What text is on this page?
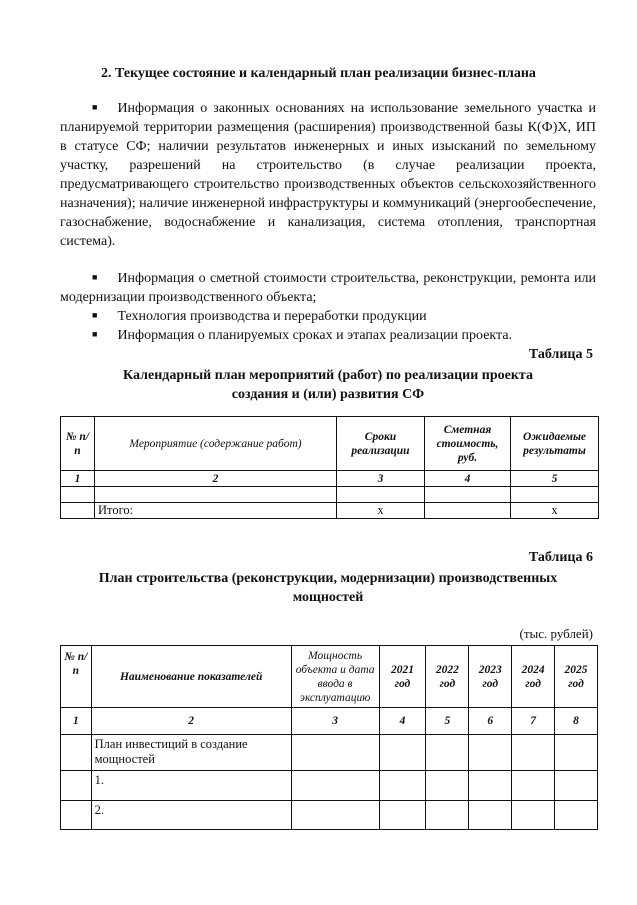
2. Текущее состояние и календарный план реализации бизнес-плана
■ Информация о законных основаниях на использование земельного участка и планируемой территории размещения (расширения) производственной базы К(Ф)Х, ИП в статусе СФ; наличии результатов инженерных и иных изысканий по земельному участку, разрешений на строительство (в случае реализации проекта, предусматривающего строительство производственных объектов сельскохозяйственного назначения); наличие инженерной инфраструктуры и коммуникаций (энергообеспечение, газоснабжение, водоснабжение и канализация, система отопления, транспортная система).
■ Информация о сметной стоимости строительства, реконструкции, ремонта или модернизации производственного объекта;
■ Технология производства и переработки продукции
■ Информация о планируемых сроках и этапах реализации проекта.
Таблица 5
Календарный план мероприятий (работ) по реализации проекта создания и (или) развития СФ
№ п/п	Мероприятие (содержание работ)	Сроки реализации	Сметная стоимость, руб.	Ожидаемые результаты
1	2	3	4	5

	Итого:	х		х
Таблица 6
План строительства (реконструкции, модернизации) производственных мощностей
(тыс. рублей)
№ п/п	Наименование показателей	Мощность объекта и дата ввода в эксплуатацию	2021 год	2022 год	2023 год	2024 год	2025 год
1	2	3	4	5	6	7	8
	План инвестиций в создание мощностей						
	1.						
	2.						
